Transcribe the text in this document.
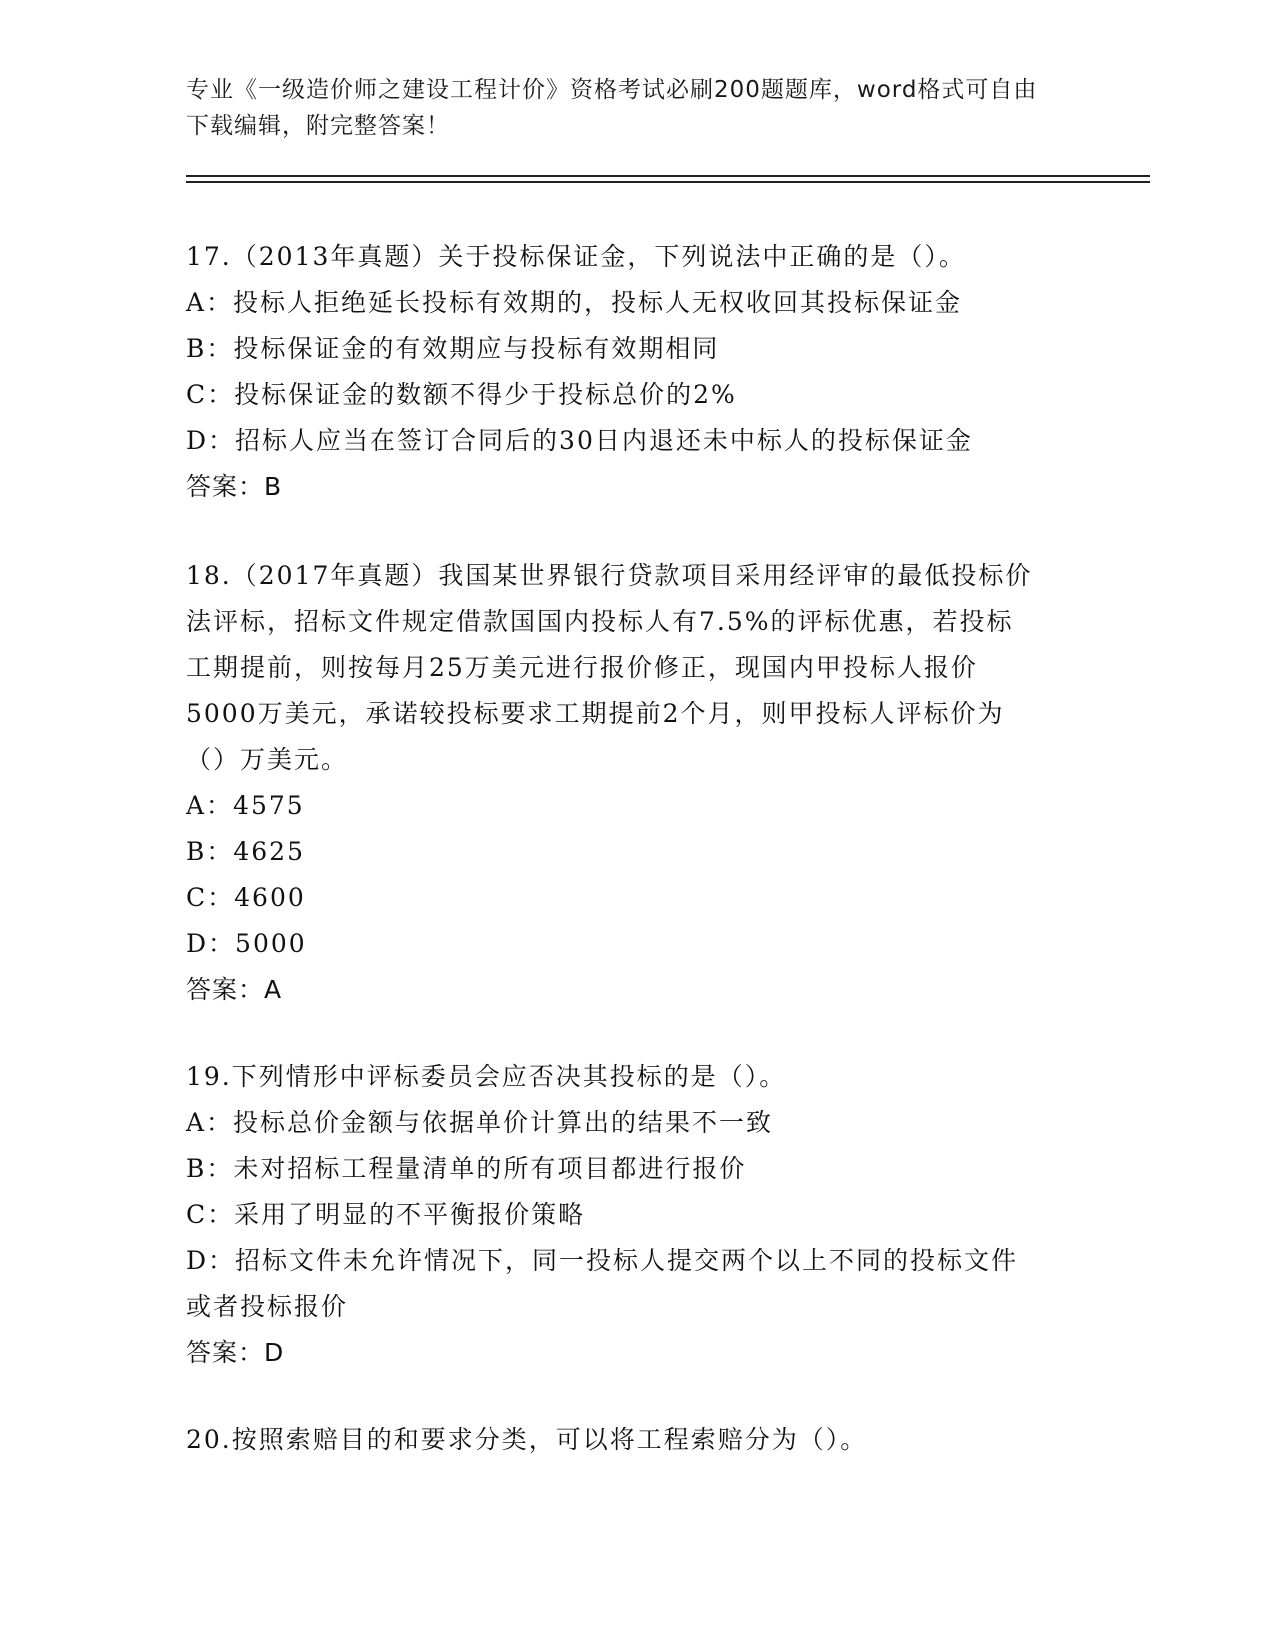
专业《一级造价师之建设工程计价》资格考试必刷200题题库，word格式可自由
下载编辑，附完整答案！
17.（2013年真题）关于投标保证金，下列说法中正确的是（）。
A：投标人拒绝延长投标有效期的，投标人无权收回其投标保证金
B：投标保证金的有效期应与投标有效期相同
C：投标保证金的数额不得少于投标总价的2%
D：招标人应当在签订合同后的30日内退还未中标人的投标保证金
答案：B
18.（2017年真题）我国某世界银行贷款项目采用经评审的最低投标价
法评标，招标文件规定借款国国内投标人有7.5%的评标优惠，若投标
工期提前，则按每月25万美元进行报价修正，现国内甲投标人报价
5000万美元，承诺较投标要求工期提前2个月，则甲投标人评标价为
（）万美元。
A：4575
B：4625
C：4600
D：5000
答案：A
19.下列情形中评标委员会应否决其投标的是（）。
A：投标总价金额与依据单价计算出的结果不一致
B：未对招标工程量清单的所有项目都进行报价
C：采用了明显的不平衡报价策略
D：招标文件未允许情况下，同一投标人提交两个以上不同的投标文件
或者投标报价
答案：D
20.按照索赔目的和要求分类，可以将工程索赔分为（）。
